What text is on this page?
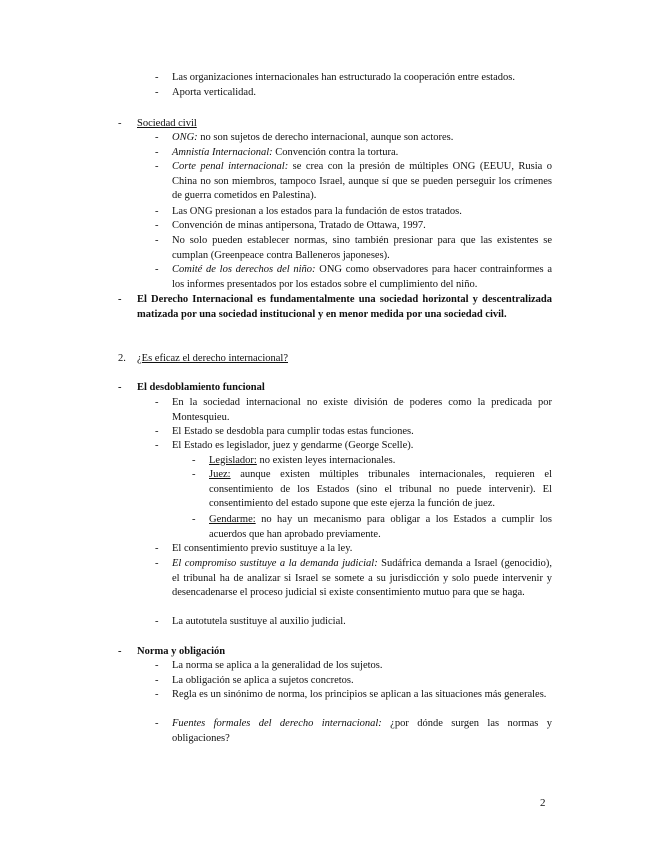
- Las organizaciones internacionales han estructurado la cooperación entre estados.
- Aporta verticalidad.
- Sociedad civil
- ONG: no son sujetos de derecho internacional, aunque son actores.
- Amnistía Internacional: Convención contra la tortura.
- Corte penal internacional: se crea con la presión de múltiples ONG (EEUU, Rusia o China no son miembros, tampoco Israel, aunque sí que se pueden perseguir los crímenes de guerra cometidos en Palestina).
- Las ONG presionan a los estados para la fundación de estos tratados.
- Convención de minas antipersona, Tratado de Ottawa, 1997.
- No solo pueden establecer normas, sino también presionar para que las existentes se cumplan (Greenpeace contra Balleneros japoneses).
- Comité de los derechos del niño: ONG como observadores para hacer contrainformes a los informes presentados por los estados sobre el cumplimiento del niño.
- El Derecho Internacional es fundamentalmente una sociedad horizontal y descentralizada matizada por una sociedad institucional y en menor medida por una sociedad civil.
2. ¿Es eficaz el derecho internacional?
- El desdoblamiento funcional
- En la sociedad internacional no existe división de poderes como la predicada por Montesquieu.
- El Estado se desdobla para cumplir todas estas funciones.
- El Estado es legislador, juez y gendarme (George Scelle).
- Legislador: no existen leyes internacionales.
- Juez: aunque existen múltiples tribunales internacionales, requieren el consentimiento de los Estados (sino el tribunal no puede intervenir). El consentimiento del estado supone que este ejerza la función de juez.
- Gendarme: no hay un mecanismo para obligar a los Estados a cumplir los acuerdos que han aprobado previamente.
- El consentimiento previo sustituye a la ley.
- El compromiso sustituye a la demanda judicial: Sudáfrica demanda a Israel (genocidio), el tribunal ha de analizar si Israel se somete a su jurisdicción y solo puede intervenir y desencadenarse el proceso judicial si existe consentimiento mutuo para que se haga.
- La autotutela sustituye al auxilio judicial.
- Norma y obligación
- La norma se aplica a la generalidad de los sujetos.
- La obligación se aplica a sujetos concretos.
- Regla es un sinónimo de norma, los principios se aplican a las situaciones más generales.
- Fuentes formales del derecho internacional: ¿por dónde surgen las normas y obligaciones?
2
